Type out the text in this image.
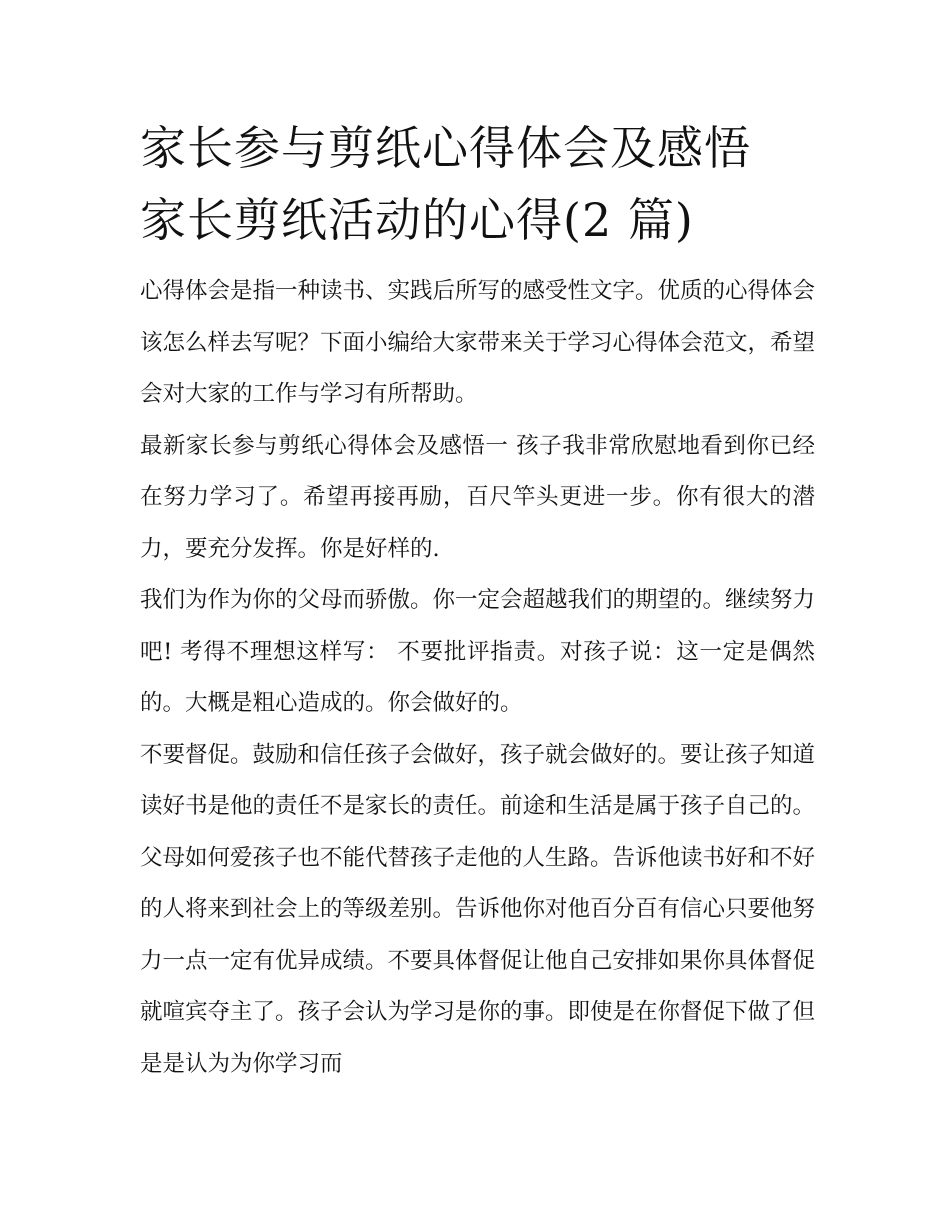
家长参与剪纸心得体会及感悟
家长剪纸活动的心得(2 篇)

心得体会是指一种读书、实践后所写的感受性文字。优质的心得体会该怎么样去写呢？下面小编给大家带来关于学习心得体会范文，希望会对大家的工作与学习有所帮助。

最新家长参与剪纸心得体会及感悟一 孩子我非常欣慰地看到你已经在努力学习了。希望再接再励，百尺竿头更进一步。你有很大的潜力，要充分发挥。你是好样的.

我们为作为你的父母而骄傲。你一定会超越我们的期望的。继续努力吧! 考得不理想这样写： 不要批评指责。对孩子说：这一定是偶然的。大概是粗心造成的。你会做好的。

不要督促。鼓励和信任孩子会做好，孩子就会做好的。要让孩子知道读好书是他的责任不是家长的责任。前途和生活是属于孩子自己的。父母如何爱孩子也不能代替孩子走他的人生路。告诉他读书好和不好的人将来到社会上的等级差别。告诉他你对他百分百有信心只要他努力一点一定有优异成绩。不要具体督促让他自己安排如果你具体督促就喧宾夺主了。孩子会认为学习是你的事。即使是在你督促下做了但是是认为为你学习而
